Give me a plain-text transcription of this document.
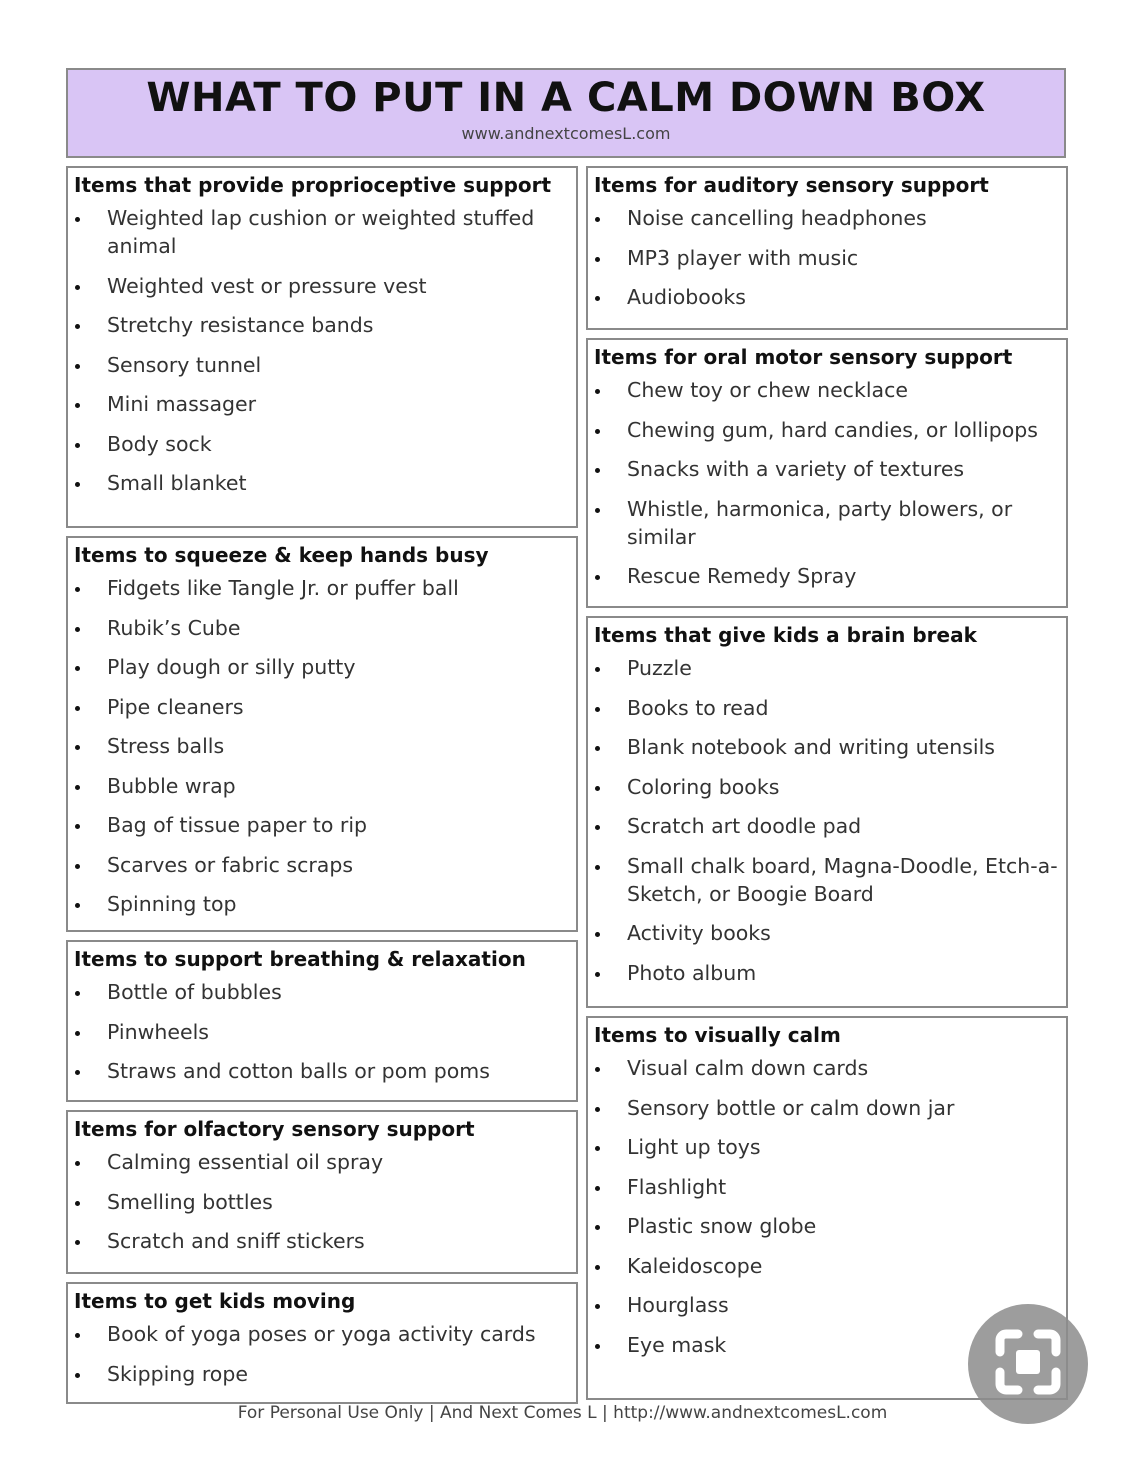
WHAT TO PUT IN A CALM DOWN BOX
www.andnextcomesL.com
Items that provide proprioceptive support
Weighted lap cushion or weighted stuffed animal
Weighted vest or pressure vest
Stretchy resistance bands
Sensory tunnel
Mini massager
Body sock
Small blanket
Items to squeeze & keep hands busy
Fidgets like Tangle Jr. or puffer ball
Rubik’s Cube
Play dough or silly putty
Pipe cleaners
Stress balls
Bubble wrap
Bag of tissue paper to rip
Scarves or fabric scraps
Spinning top
Items to support breathing & relaxation
Bottle of bubbles
Pinwheels
Straws and cotton balls or pom poms
Items for olfactory sensory support
Calming essential oil spray
Smelling bottles
Scratch and sniff stickers
Items to get kids moving
Book of yoga poses or yoga activity cards
Skipping rope
Items for auditory sensory support
Noise cancelling headphones
MP3 player with music
Audiobooks
Items for oral motor sensory support
Chew toy or chew necklace
Chewing gum, hard candies, or lollipops
Snacks with a variety of textures
Whistle, harmonica, party blowers, or similar
Rescue Remedy Spray
Items that give kids a brain break
Puzzle
Books to read
Blank notebook and writing utensils
Coloring books
Scratch art doodle pad
Small chalk board, Magna-Doodle, Etch-a-Sketch, or Boogie Board
Activity books
Photo album
Items to visually calm
Visual calm down cards
Sensory bottle or calm down jar
Light up toys
Flashlight
Plastic snow globe
Kaleidoscope
Hourglass
Eye mask
For Personal Use Only | And Next Comes L | http://www.andnextcomesL.com
